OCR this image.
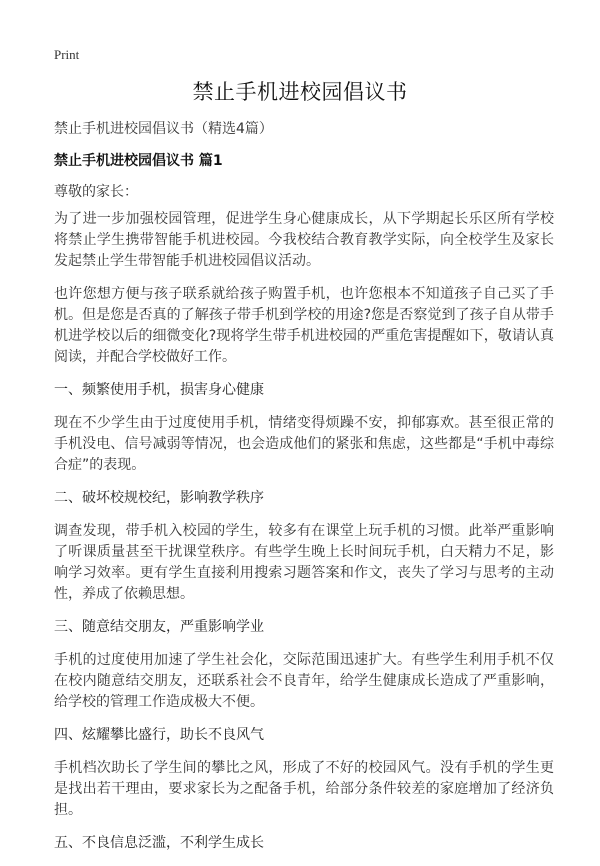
Print
禁止手机进校园倡议书
禁止手机进校园倡议书（精选4篇）
禁止手机进校园倡议书 篇1
尊敬的家长：

为了进一步加强校园管理，促进学生身心健康成长，从下学期起长乐区所有学校将禁止学生携带智能手机进校园。今我校结合教育教学实际，向全校学生及家长发起禁止学生带智能手机进校园倡议活动。

也许您想方便与孩子联系就给孩子购置手机，也许您根本不知道孩子自己买了手机。但是您是否真的了解孩子带手机到学校的用途?您是否察觉到了孩子自从带手机进学校以后的细微变化?现将学生带手机进校园的严重危害提醒如下，敬请认真阅读，并配合学校做好工作。

一、频繁使用手机，损害身心健康

现在不少学生由于过度使用手机，情绪变得烦躁不安，抑郁寡欢。甚至很正常的手机没电、信号减弱等情况，也会造成他们的紧张和焦虑，这些都是“手机中毒综合症”的表现。

二、破坏校规校纪，影响教学秩序

调查发现，带手机入校园的学生，较多有在课堂上玩手机的习惯。此举严重影响了听课质量甚至干扰课堂秩序。有些学生晚上长时间玩手机，白天精力不足，影响学习效率。更有学生直接利用搜索习题答案和作文，丧失了学习与思考的主动性，养成了依赖思想。

三、随意结交朋友，严重影响学业

手机的过度使用加速了学生社会化，交际范围迅速扩大。有些学生利用手机不仅在校内随意结交朋友，还联系社会不良青年，给学生健康成长造成了严重影响，给学校的管理工作造成极大不便。

四、炫耀攀比盛行，助长不良风气

手机档次助长了学生间的攀比之风，形成了不好的校园风气。没有手机的学生更是找出若干理由，要求家长为之配备手机，给部分条件较差的家庭增加了经济负担。

五、不良信息泛滥，不利学生成长
